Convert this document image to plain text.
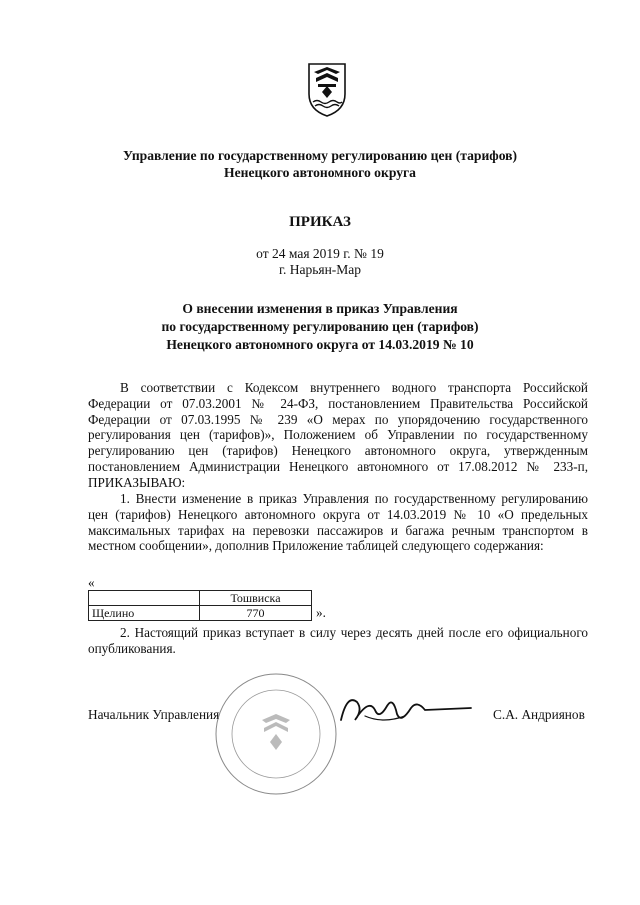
Управление по государственному регулированию цен (тарифов)
Ненецкого автономного округа
ПРИКАЗ
от 24 мая 2019 г. № 19
г. Нарьян-Мар
О внесении изменения в приказ Управления
по государственному регулированию цен (тарифов)
Ненецкого автономного округа от 14.03.2019 № 10
В соответствии с Кодексом внутреннего водного транспорта Российской Федерации от 07.03.2001 № 24-ФЗ, постановлением Правительства Российской Федерации от 07.03.1995 № 239 «О мерах по упорядочению государственного регулирования цен (тарифов)», Положением об Управлении по государственному регулированию цен (тарифов) Ненецкого автономного округа, утвержденным постановлением Администрации Ненецкого автономного от 17.08.2012 № 233-п, ПРИКАЗЫВАЮ:
1. Внести изменение в приказ Управления по государственному регулированию цен (тарифов) Ненецкого автономного округа от 14.03.2019 № 10 «О предельных максимальных тарифах на перевозки пассажиров и багажа речным транспортом в местном сообщении», дополнив Приложение таблицей следующего содержания:
«
	Тошвиска
Щелино	770	».
2. Настоящий приказ вступает в силу через десять дней после его официального опубликования.
Начальник Управления	С.А. Андриянов
